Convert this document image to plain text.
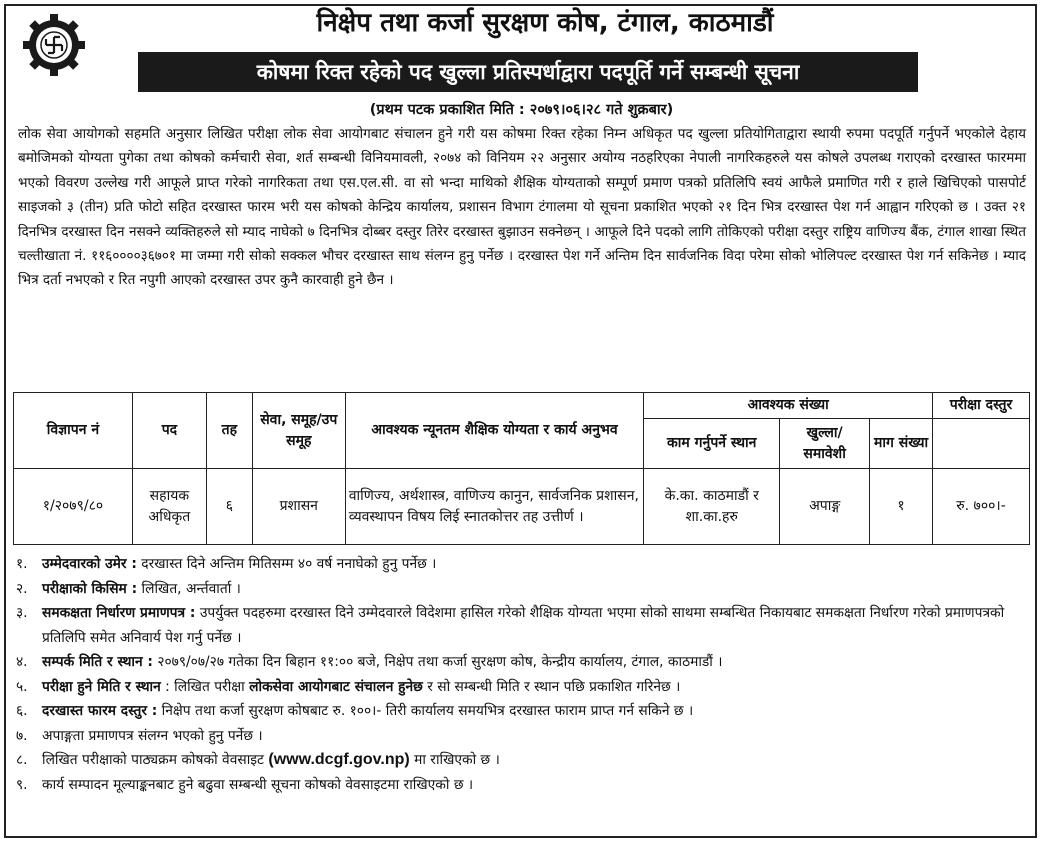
निक्षेप तथा कर्जा सुरक्षण कोष, टंगाल, काठमाडौं
कोषमा रिक्त रहेको पद खुल्ला प्रतिस्पर्धाद्वारा पदपूर्ति गर्ने सम्बन्धी सूचना
(प्रथम पटक प्रकाशित मिति : २०७९।०६।२८ गते शुक्रबार)
लोक सेवा आयोगको सहमति अनुसार लिखित परीक्षा लोक सेवा आयोगबाट संचालन हुने गरी यस कोषमा रिक्त रहेका निम्न अधिकृत पद खुल्ला प्रतियोगिताद्वारा स्थायी रुपमा पदपूर्ति गर्नुपर्ने भएकोले देहाय बमोजिमको योग्यता पुगेका तथा कोषको कर्मचारी सेवा, शर्त सम्बन्धी विनियमावली, २०७४ को विनियम २२ अनुसार अयोग्य नठहरिएका नेपाली नागरिकहरुले यस कोषले उपलब्ध गराएको दरखास्त फारममा भएको विवरण उल्लेख गरी आफूले प्राप्त गरेको नागरिकता तथा एस.एल.सी. वा सो भन्दा माथिको शैक्षिक योग्यताको सम्पूर्ण प्रमाण पत्रको प्रतिलिपि स्वयं आफैले प्रमाणित गरी र हाले खिचिएको पासपोर्ट साइजको ३ (तीन) प्रति फोटो सहित दरखास्त फारम भरी यस कोषको केन्द्रिय कार्यालय, प्रशासन विभाग टंगालमा यो सूचना प्रकाशित भएको २१ दिन भित्र दरखास्त पेश गर्न आह्वान गरिएको छ । उक्त २१ दिनभित्र दरखास्त दिन नसक्ने व्यक्तिहरुले सो म्याद नाघेको ७ दिनभित्र दोब्बर दस्तुर तिरेर दरखास्त बुझाउन सक्नेछन् । आफूले दिने पदको लागि तोकिएको परीक्षा दस्तुर राष्ट्रिय वाणिज्य बैंक, टंगाल शाखा स्थित चल्तीखाता नं. ११६००००३६७०१ मा जम्मा गरी सोको सक्कल भौचर दरखास्त साथ संलग्न हुनु पर्नेछ । दरखास्त पेश गर्ने अन्तिम दिन सार्वजनिक विदा परेमा सोको भोलिपल्ट दरखास्त पेश गर्न सकिनेछ । म्याद भित्र दर्ता नभएको र रित नपुगी आएको दरखास्त उपर कुनै कारवाही हुने छैन ।
विज्ञापन नं	पद	तह	सेवा, समूह/उप समूह	आवश्यक न्यूनतम शैक्षिक योग्यता र कार्य अनुभव	आवश्यक संख्या			परीक्षा दस्तुर
					काम गर्नुपर्ने स्थान	खुल्ला/ समावेशी	माग संख्या	
१/२०७९/८०	सहायक अधिकृत	६	प्रशासन	वाणिज्य, अर्थशास्त्र, वाणिज्य कानुन, सार्वजनिक प्रशासन, व्यवस्थापन विषय लिई स्नातकोत्तर तह उत्तीर्ण ।	के.का. काठमाडौं र शा.का.हरु	अपाङ्ग	१	रु. ७००।-
१.	उम्मेदवारको उमेर : दरखास्त दिने अन्तिम मितिसम्म ४० वर्ष ननाघेको हुनु पर्नेछ ।
२.	परीक्षाको किसिम : लिखित, अर्न्तवार्ता ।
३.	समकक्षता निर्धारण प्रमाणपत्र : उपर्युक्त पदहरुमा दरखास्त दिने उम्मेदवारले विदेशमा हासिल गरेको शैक्षिक योग्यता भएमा सोको साथमा सम्बन्धित निकायबाट समकक्षता निर्धारण गरेको प्रमाणपत्रको प्रतिलिपि समेत अनिवार्य पेश गर्नु पर्नेछ ।
४.	सम्पर्क मिति र स्थान : २०७९/०७/२७ गतेका दिन बिहान ११:०० बजे, निक्षेप तथा कर्जा सुरक्षण कोष, केन्द्रीय कार्यालय, टंगाल, काठमाडौं ।
५.	परीक्षा हुने मिति र स्थान : लिखित परीक्षा लोकसेवा आयोगबाट संचालन हुनेछ र सो सम्बन्धी मिति र स्थान पछि प्रकाशित गरिनेछ ।
६.	दरखास्त फारम दस्तुर : निक्षेप तथा कर्जा सुरक्षण कोषबाट रु. १००।- तिरी कार्यालय समयभित्र दरखास्त फाराम प्राप्त गर्न सकिने छ ।
७.	अपाङ्गता प्रमाणपत्र संलग्न भएको हुनु पर्नेछ ।
८.	लिखित परीक्षाको पाठ्यक्रम कोषको वेवसाइट (www.dcgf.gov.np) मा राखिएको छ ।
९.	कार्य सम्पादन मूल्याङ्कनबाट हुने बढुवा सम्बन्धी सूचना कोषको वेवसाइटमा राखिएको छ ।
